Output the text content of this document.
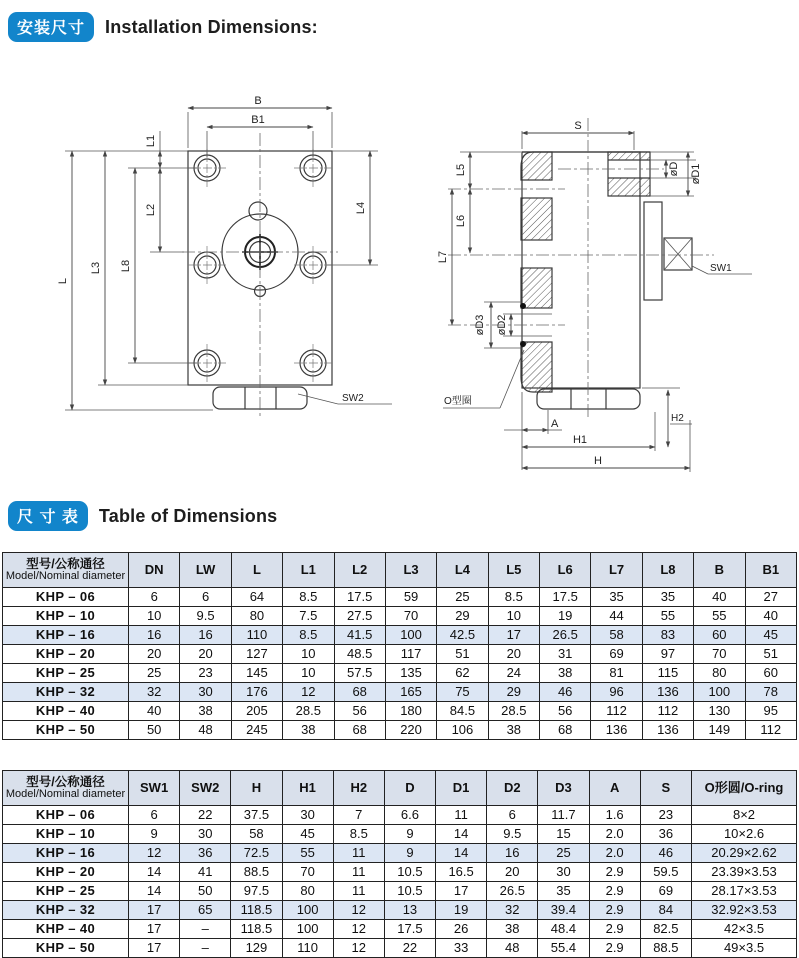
安装尺寸	Installation Dimensions:
B
B1
L
L3 L8
L2
L1
L4
SW2
S
øD øD1
L5
L6
L7
øD3 øD2
A
H1
H
H2
SW1
O型圈
尺 寸 表	Table of Dimensions
型号/公称通径
Model/Nominal diameter	DN	LW	L	L1	L2	L3	L4	L5	L6	L7	L8	B	B1
KHP – 06	6	6	64	8.5	17.5	59	25	8.5	17.5	35	35	40	27
KHP – 10	10	9.5	80	7.5	27.5	70	29	10	19	44	55	55	40
KHP – 16	16	16	110	8.5	41.5	100	42.5	17	26.5	58	83	60	45
KHP – 20	20	20	127	10	48.5	117	51	20	31	69	97	70	51
KHP – 25	25	23	145	10	57.5	135	62	24	38	81	115	80	60
KHP – 32	32	30	176	12	68	165	75	29	46	96	136	100	78
KHP – 40	40	38	205	28.5	56	180	84.5	28.5	56	112	112	130	95
KHP – 50	50	48	245	38	68	220	106	38	68	136	136	149	112
型号/公称通径
Model/Nominal diameter	SW1	SW2	H	H1	H2	D	D1	D2	D3	A	S	O形圆/O-ring
KHP – 06	6	22	37.5	30	7	6.6	11	6	11.7	1.6	23	8×2
KHP – 10	9	30	58	45	8.5	9	14	9.5	15	2.0	36	10×2.6
KHP – 16	12	36	72.5	55	11	9	14	16	25	2.0	46	20.29×2.62
KHP – 20	14	41	88.5	70	11	10.5	16.5	20	30	2.9	59.5	23.39×3.53
KHP – 25	14	50	97.5	80	11	10.5	17	26.5	35	2.9	69	28.17×3.53
KHP – 32	17	65	118.5	100	12	13	19	32	39.4	2.9	84	32.92×3.53
KHP – 40	17	–	118.5	100	12	17.5	26	38	48.4	2.9	82.5	42×3.5
KHP – 50	17	–	129	110	12	22	33	48	55.4	2.9	88.5	49×3.5
